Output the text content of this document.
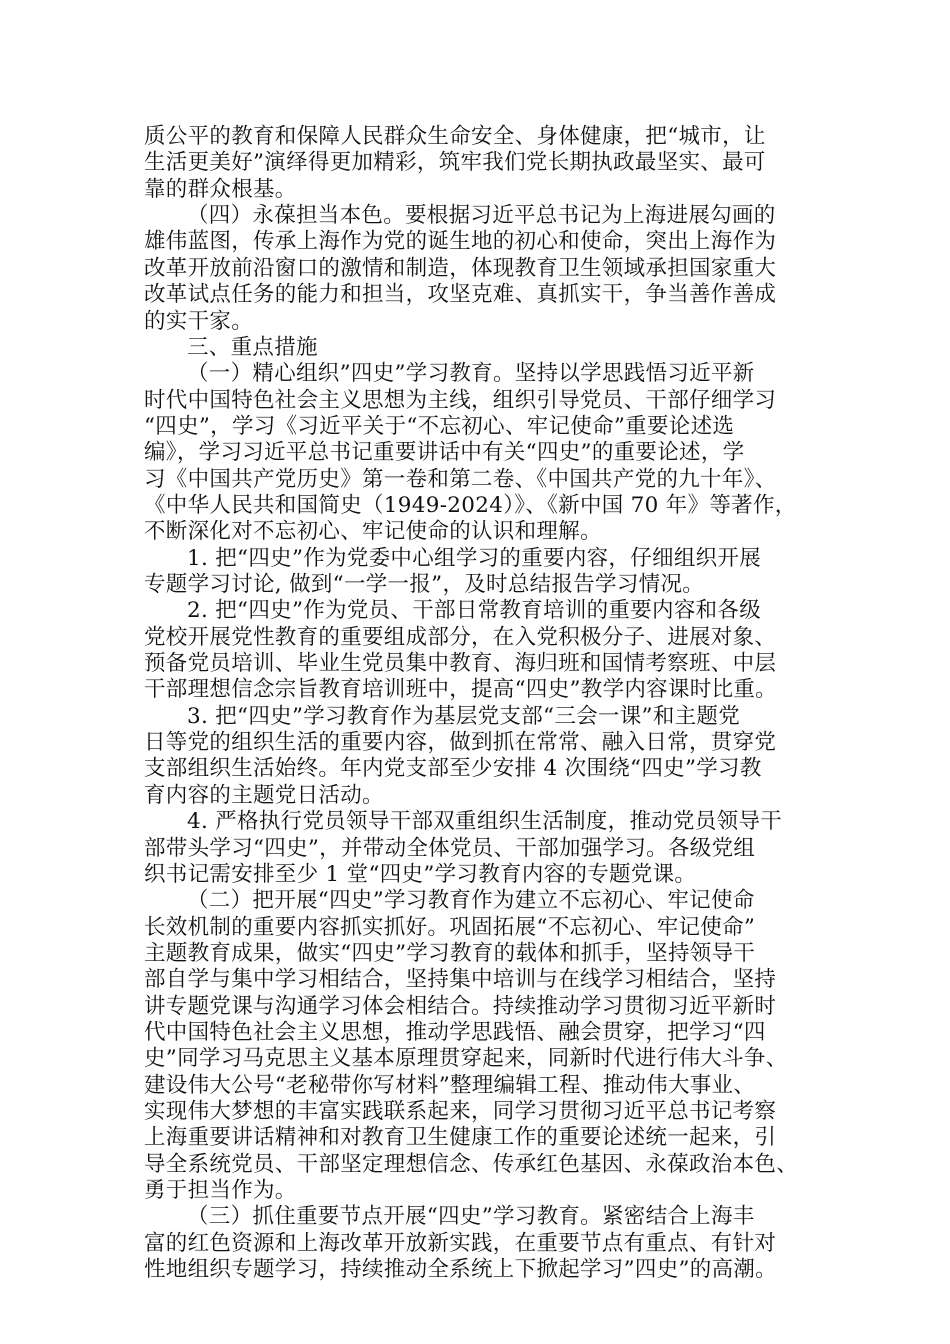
质公平的教育和保障人民群众生命安全、身体健康，把“城市，让
生活更美好”演绎得更加精彩，筑牢我们党长期执政最坚实、最可
靠的群众根基。
（四）永葆担当本色。要根据习近平总书记为上海进展勾画的
雄伟蓝图，传承上海作为党的诞生地的初心和使命，突出上海作为
改革开放前沿窗口的激情和制造，体现教育卫生领域承担国家重大
改革试点任务的能力和担当，攻坚克难、真抓实干，争当善作善成
的实干家。
三、重点措施
（一）精心组织”四史”学习教育。坚持以学思践悟习近平新
时代中国特色社会主义思想为主线，组织引导党员、干部仔细学习
“四史”，学习《习近平关于“不忘初心、牢记使命”重要论述选
编》，学习习近平总书记重要讲话中有关“四史”的重要论述，学
习《中国共产党历史》第一卷和第二卷、《中国共产党的九十年》、
《中华人民共和国简史（1949-2024）》、《新中国 70 年》等著作，
不断深化对不忘初心、牢记使命的认识和理解。
1. 把“四史”作为党委中心组学习的重要内容，仔细组织开展
专题学习讨论, 做到“一学一报”，及时总结报告学习情况。
2. 把“四史”作为党员、干部日常教育培训的重要内容和各级
党校开展党性教育的重要组成部分，在入党积极分子、进展对象、
预备党员培训、毕业生党员集中教育、海归班和国情考察班、中层
干部理想信念宗旨教育培训班中，提高“四史”教学内容课时比重。
3. 把“四史”学习教育作为基层党支部“三会一课”和主题党
日等党的组织生活的重要内容，做到抓在常常、融入日常，贯穿党
支部组织生活始终。年内党支部至少安排 4 次围绕“四史”学习教
育内容的主题党日活动。
4. 严格执行党员领导干部双重组织生活制度，推动党员领导干
部带头学习“四史”，并带动全体党员、干部加强学习。各级党组
织书记需安排至少 1 堂“四史”学习教育内容的专题党课。
（二）把开展“四史”学习教育作为建立不忘初心、牢记使命
长效机制的重要内容抓实抓好。巩固拓展“不忘初心、牢记使命”
主题教育成果，做实“四史”学习教育的载体和抓手，坚持领导干
部自学与集中学习相结合，坚持集中培训与在线学习相结合，坚持
讲专题党课与沟通学习体会相结合。持续推动学习贯彻习近平新时
代中国特色社会主义思想，推动学思践悟、融会贯穿，把学习“四
史”同学习马克思主义基本原理贯穿起来，同新时代进行伟大斗争、
建设伟大公号“老秘带你写材料”整理编辑工程、推动伟大事业、
实现伟大梦想的丰富实践联系起来，同学习贯彻习近平总书记考察
上海重要讲话精神和对教育卫生健康工作的重要论述统一起来，引
导全系统党员、干部坚定理想信念、传承红色基因、永葆政治本色、
勇于担当作为。
（三）抓住重要节点开展“四史”学习教育。紧密结合上海丰
富的红色资源和上海改革开放新实践，在重要节点有重点、有针对
性地组织专题学习，持续推动全系统上下掀起学习”四史”的高潮。
